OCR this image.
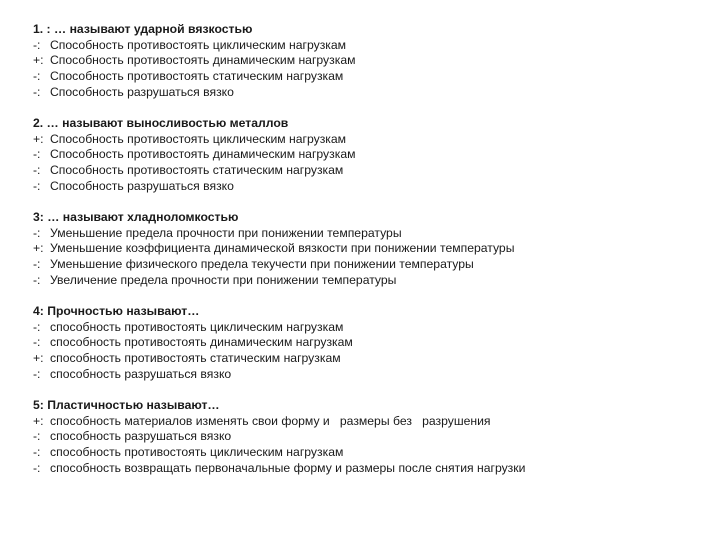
1. : … называют ударной вязкостью
-: Способность противостоять циклическим нагрузкам
+: Способность противостоять динамическим нагрузкам
-: Способность противостоять статическим нагрузкам
-: Способность разрушаться вязко
2. … называют выносливостью металлов
+: Способность противостоять циклическим нагрузкам
-: Способность противостоять динамическим нагрузкам
-: Способность противостоять статическим нагрузкам
-: Способность разрушаться вязко
3: … называют хладноломкостью
-: Уменьшение предела прочности при понижении температуры
+: Уменьшение коэффициента динамической вязкости при понижении температуры
-: Уменьшение физического предела текучести при понижении температуры
-: Увеличение предела прочности при понижении температуры
4: Прочностью называют…
-: способность противостоять циклическим нагрузкам
-: способность противостоять динамическим нагрузкам
+: способность противостоять статическим нагрузкам
-: способность разрушаться вязко
5: Пластичностью называют…
+: способность материалов изменять свои форму и   размеры без   разрушения
-: способность разрушаться вязко
-: способность противостоять циклическим нагрузкам
-: способность возвращать первоначальные форму и размеры после снятия нагрузки
